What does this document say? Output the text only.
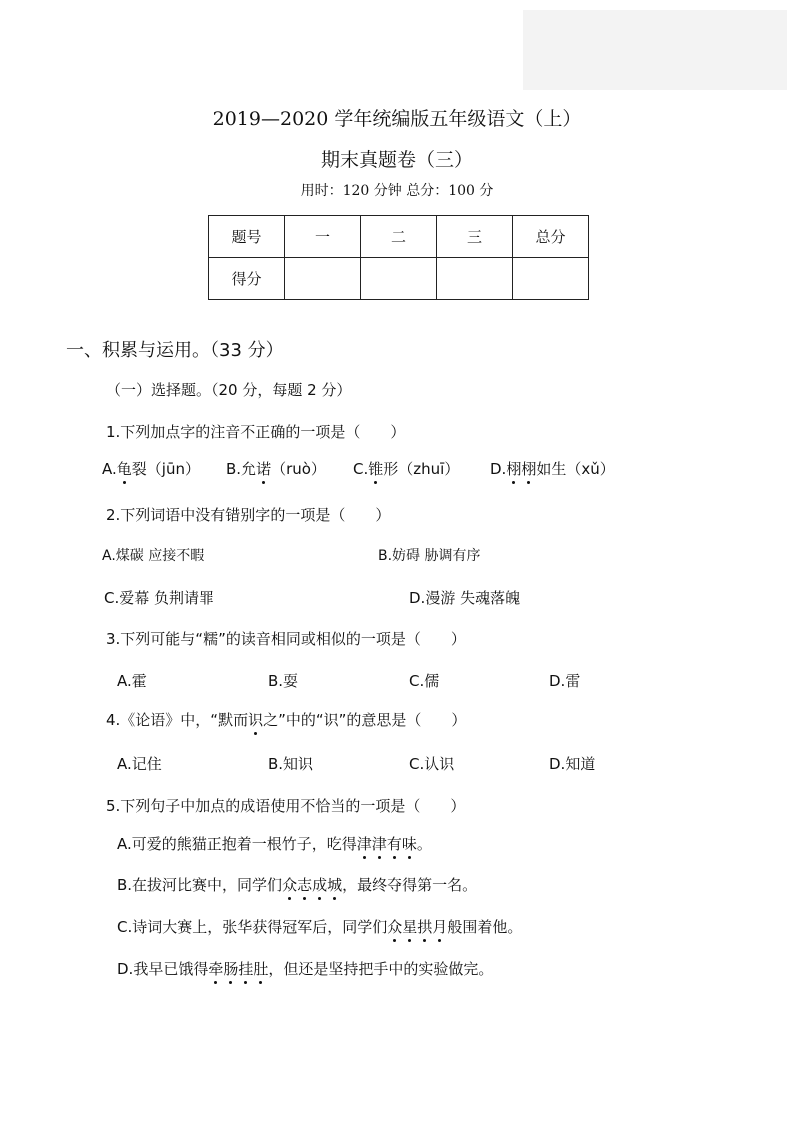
2019—2020 学年统编版五年级语文（上）
期末真题卷（三）
用时：120 分钟 总分：100 分
题号	一	二	三	总分
得分				
一、积累与运用。（33 分）
（一）选择题。（20 分，每题 2 分）
1.下列加点字的注音不正确的一项是（　　）
A.龟裂（jūn） B.允诺（ruò） C.锥形（zhuī） D.栩栩如生（xǔ）
2.下列词语中没有错别字的一项是（　　）
A.煤碳 应接不暇	B.妨碍 胁调有序
C.爱幕 负荆请罪	D.漫游 失魂落魄
3.下列可能与“糯”的读音相同或相似的一项是（　　）
A.霍	B.耍	C.儒	D.雷
4.《论语》中，“默而识之”中的“识”的意思是（　　）
A.记住	B.知识	C.认识	D.知道
5.下列句子中加点的成语使用不恰当的一项是（　　）
A.可爱的熊猫正抱着一根竹子，吃得津津有味。
B.在拔河比赛中，同学们众志成城，最终夺得第一名。
C.诗词大赛上，张华获得冠军后，同学们众星拱月般围着他。
D.我早已饿得牵肠挂肚，但还是坚持把手中的实验做完。
